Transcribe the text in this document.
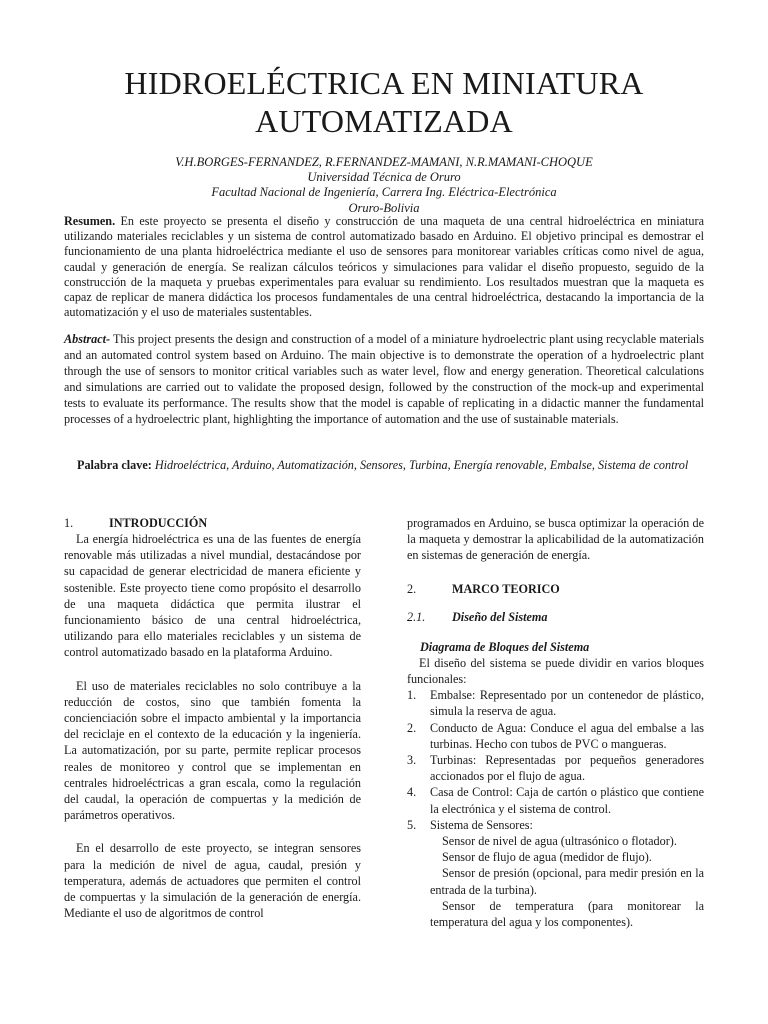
HIDROELÉCTRICA EN MINIATURA
AUTOMATIZADA
V.H.BORGES-FERNANDEZ, R.FERNANDEZ-MAMANI, N.R.MAMANI-CHOQUE
Universidad Técnica de Oruro
Facultad Nacional de Ingeniería, Carrera Ing. Eléctrica-Electrónica
Oruro-Bolivia

Resumen. En este proyecto se presenta el diseño y construcción de una maqueta de una central hidroeléctrica en miniatura utilizando materiales reciclables y un sistema de control automatizado basado en Arduino. El objetivo principal es demostrar el funcionamiento de una planta hidroeléctrica mediante el uso de sensores para monitorear variables críticas como nivel de agua, caudal y generación de energía. Se realizan cálculos teóricos y simulaciones para validar el diseño propuesto, seguido de la construcción de la maqueta y pruebas experimentales para evaluar su rendimiento. Los resultados muestran que la maqueta es capaz de replicar de manera didáctica los procesos fundamentales de una central hidroeléctrica, destacando la importancia de la automatización y el uso de materiales sustentables.

Abstract- This project presents the design and construction of a model of a miniature hydroelectric plant using recyclable materials and an automated control system based on Arduino. The main objective is to demonstrate the operation of a hydroelectric plant through the use of sensors to monitor critical variables such as water level, flow and energy generation. Theoretical calculations and simulations are carried out to validate the proposed design, followed by the construction of the mock-up and experimental tests to evaluate its performance. The results show that the model is capable of replicating in a didactic manner the fundamental processes of a hydroelectric plant, highlighting the importance of automation and the use of sustainable materials.

Palabra clave: Hidroeléctrica, Arduino, Automatización, Sensores, Turbina, Energía renovable, Embalse, Sistema de control

1.	INTRODUCCIÓN

La energía hidroeléctrica es una de las fuentes de energía renovable más utilizadas a nivel mundial, destacándose por su capacidad de generar electricidad de manera eficiente y sostenible. Este proyecto tiene como propósito el desarrollo de una maqueta didáctica que permita ilustrar el funcionamiento básico de una central hidroeléctrica, utilizando para ello materiales reciclables y un sistema de control automatizado basado en la plataforma Arduino.

El uso de materiales reciclables no solo contribuye a la reducción de costos, sino que también fomenta la concienciación sobre el impacto ambiental y la importancia del reciclaje en el contexto de la educación y la ingeniería. La automatización, por su parte, permite replicar procesos reales de monitoreo y control que se implementan en centrales hidroeléctricas a gran escala, como la regulación del caudal, la operación de compuertas y la medición de parámetros operativos.

En el desarrollo de este proyecto, se integran sensores para la medición de nivel de agua, caudal, presión y temperatura, además de actuadores que permiten el control de compuertas y la simulación de la generación de energía. Mediante el uso de algoritmos de control

programados en Arduino, se busca optimizar la operación de la maqueta y demostrar la aplicabilidad de la automatización en sistemas de generación de energía.

2.	MARCO TEORICO
2.1.	Diseño del Sistema

Diagrama de Bloques del Sistema

El diseño del sistema se puede dividir en varios bloques funcionales:

1. Embalse: Representado por un contenedor de plástico, simula la reserva de agua.
2. Conducto de Agua: Conduce el agua del embalse a las turbinas. Hecho con tubos de PVC o mangueras.
3. Turbinas: Representadas por pequeños generadores accionados por el flujo de agua.
4. Casa de Control: Caja de cartón o plástico que contiene la electrónica y el sistema de control.
5. Sistema de Sensores:

Sensor de nivel de agua (ultrasónico o flotador).

Sensor de flujo de agua (medidor de flujo).

Sensor de presión (opcional, para medir presión en la entrada de la turbina).

Sensor de temperatura (para monitorear la temperatura del agua y los componentes).
